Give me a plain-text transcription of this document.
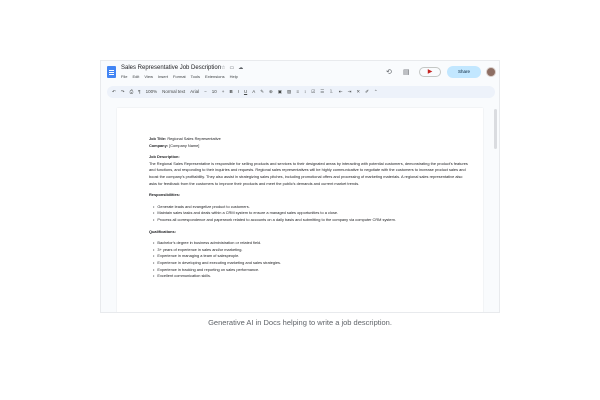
Sales Representative Job Description ☆ ▭ ☁
File Edit View Insert Format Tools Extensions Help
⟲ ▤	▶	Share
↶ ↷ ⎙ ¶ 100% Normal text Arial − 10 + B I U A ✎ ⊕ ▣ ▨ ≡ ↕ ☑ ☰ ⒈ ⇤ ⇥ ✕ ✐ ⌃

Job Title: Regional Sales Representative

Company: [Company Name]

Job Description:

The Regional Sales Representative is responsible for selling products and services to their designated areas by interacting with potential customers, demonstrating the product's features and functions, and responding to their inquiries and requests. Regional sales representatives will be highly communicative to negotiate with the customers to increase product sales and boost the company's profitability. They also assist in strategizing sales pitches, including promotional offers and processing of marketing materials. A regional sales representative also asks for feedback from the customers to improve their products and meet the public's demands and current market trends.

Responsibilities:

• Generate leads and evangelize product to customers.
• Maintain sales tasks and deals within a CRM system to ensure a managed sales opportunities to a close.
• Process all correspondence and paperwork related to accounts on a daily basis and submitting to the company via computer CRM system.

Qualifications:

• Bachelor's degree in business administration or related field.
• 3+ years of experience in sales and/or marketing.
• Experience in managing a team of salespeople.
• Experience in developing and executing marketing and sales strategies.
• Experience in tracking and reporting on sales performance.
• Excellent communication skills.
Generative AI in Docs helping to write a job description.
